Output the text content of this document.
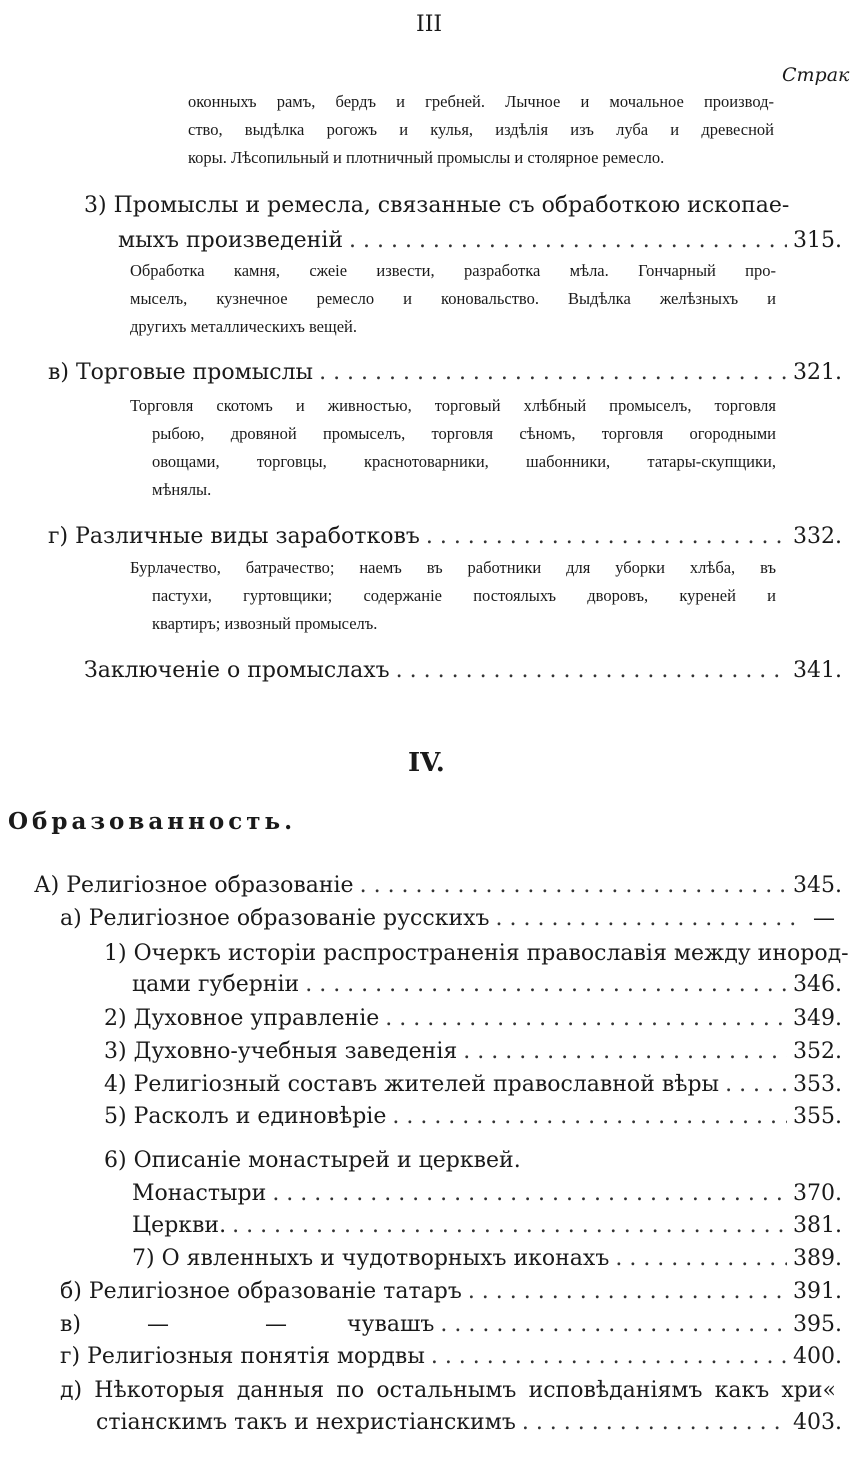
III
Страк
оконныхъ рамъ, бердъ и гребней. Лычное и мочальное производ-
ство, выдѣлка рогожъ и кулья, издѣлія изъ луба и древесной
коры. Лѣсопильный и плотничный промыслы и столярное ремесло.
3) Промыслы и ремесла, связанные съ обработкою ископае-
мыхъ произведеній . . .	315.
Обработка камня, сжеiе извести, разработка мѣла. Гончарный про-
мыселъ, кузнечное ремесло и коновальство. Выдѣлка желѣзныхъ и
другихъ металлическихъ вещей.
в) Торговые промыслы . . .	321.
Торговля скотомъ и живностью, торговый хлѣбный промыселъ, торговля
рыбою, дровяной промыселъ, торговля сѣномъ, торговля огородными
овощами, торговцы, краснотоварники, шабонники, татары-скупщики,
мѣнялы.
г) Различные виды заработковъ . . .	332.
Бурлачество, батрачество; наемъ въ работники для уборки хлѣба, въ
пастухи, гуртовщики; содержаніе постоялыхъ дворовъ, куреней и
квартиръ; извозный промыселъ.
Заключеніе о промыслахъ . . .	341.
IV.
Образованность.
А) Религіозное образованіе . . .	345.
а) Религіозное образованіе русскихъ . . .	—
1) Очеркъ исторіи распространенія православія между инород-
цами губерніи . . .	346.
2) Духовное управленіе . . .	349.
3) Духовно-учебныя заведенія . . .	352.
4) Религіозный составъ жителей православной вѣры . . .	353.
5) Расколъ и единовѣріе . . .	355.
6) Описаніе монастырей и церквей.
Монастыри . . .	370.
Церкви. . . .	381.
7) О явленныхъ и чудотворныхъ иконахъ . . .	389.
б) Религіозное образованіе татаръ . . .	391.
в)	—	—	чувашъ . . .	395.
г) Религіозныя понятія мордвы . . .	400.
д) Нѣкоторыя данныя по остальнымъ исповѣданіямъ какъ хри«
стіанскимъ такъ и нехристіанскимъ . . .	403.
